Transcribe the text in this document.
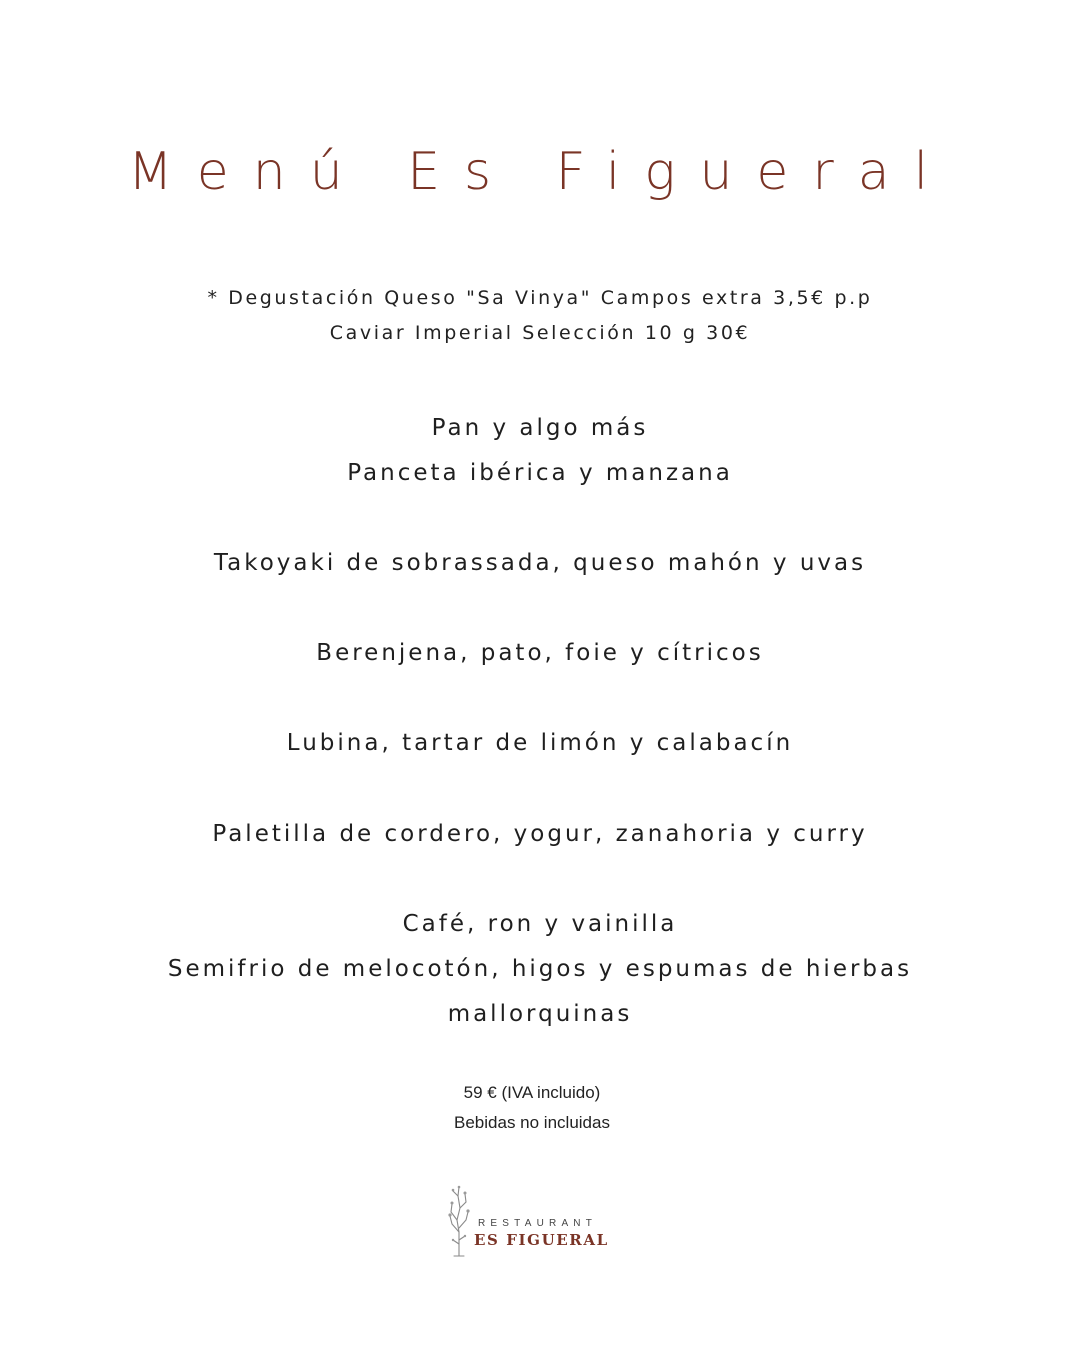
Menú Es Figueral
* Degustación Queso "Sa Vinya" Campos extra 3,5€ p.p
Caviar Imperial Selección 10 g 30€
Pan y algo más
Panceta ibérica y manzana
Takoyaki de sobrassada, queso mahón y uvas
Berenjena, pato, foie y cítricos
Lubina, tartar de limón y calabacín
Paletilla de cordero, yogur, zanahoria y curry
Café, ron y vainilla
Semifrio de melocotón, higos y espumas de hierbas
mallorquinas
59 € (IVA incluido)
Bebidas no incluidas
RESTAURANT
ES FIGUERAL
